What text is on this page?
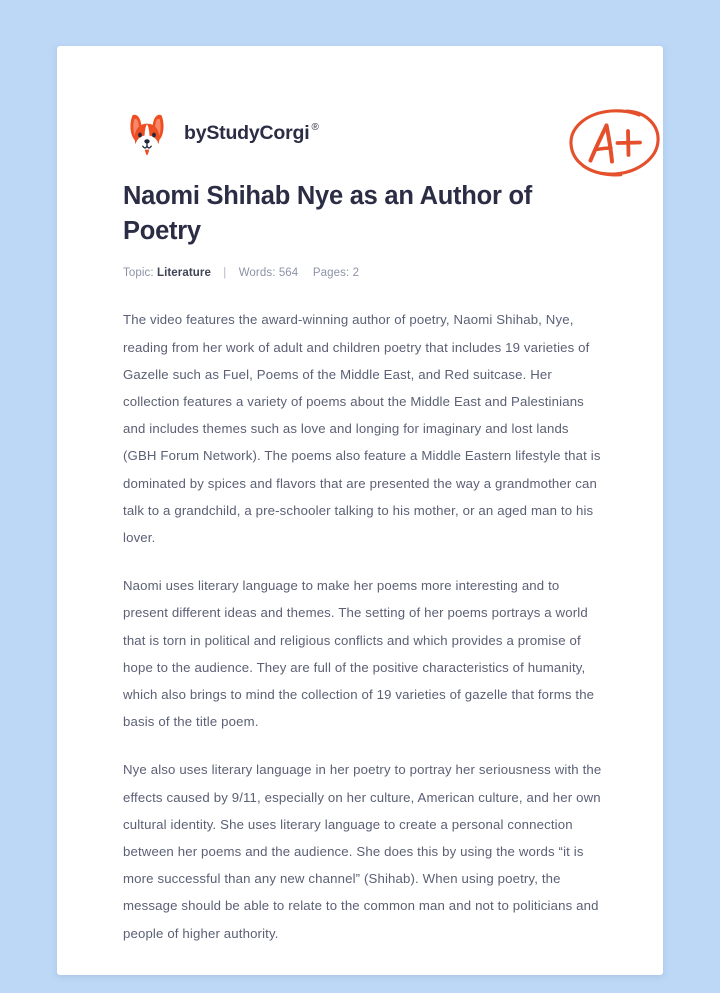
by StudyCorgi ®
Naomi Shihab Nye as an Author of Poetry
Topic: Literature | Words: 564 Pages: 2

The video features the award-winning author of poetry, Naomi Shihab, Nye, reading from her work of adult and children poetry that includes 19 varieties of Gazelle such as Fuel, Poems of the Middle East, and Red suitcase. Her collection features a variety of poems about the Middle East and Palestinians and includes themes such as love and longing for imaginary and lost lands (GBH Forum Network). The poems also feature a Middle Eastern lifestyle that is dominated by spices and flavors that are presented the way a grandmother can talk to a grandchild, a pre-schooler talking to his mother, or an aged man to his lover.

Naomi uses literary language to make her poems more interesting and to present different ideas and themes. The setting of her poems portrays a world that is torn in political and religious conflicts and which provides a promise of hope to the audience. They are full of the positive characteristics of humanity, which also brings to mind the collection of 19 varieties of gazelle that forms the basis of the title poem.

Nye also uses literary language in her poetry to portray her seriousness with the effects caused by 9/11, especially on her culture, American culture, and her own cultural identity. She uses literary language to create a personal connection between her poems and the audience. She does this by using the words “it is more successful than any new channel” (Shihab). When using poetry, the message should be able to relate to the common man and not to politicians and people of higher authority.
